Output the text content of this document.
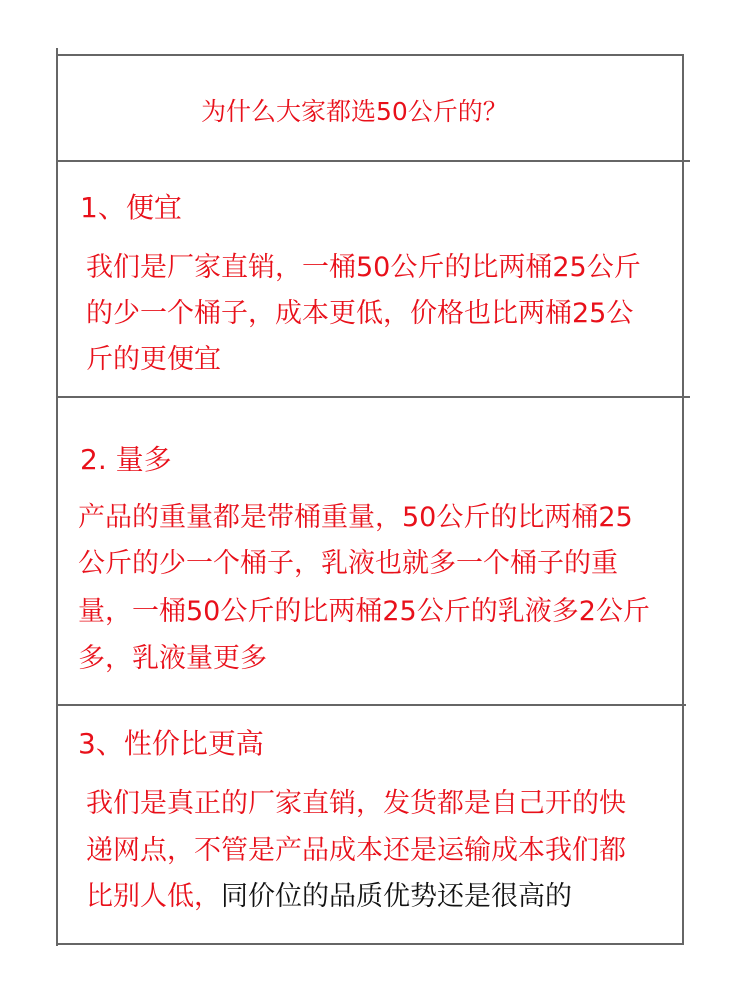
为什么大家都选50公斤的？
1、便宜
我们是厂家直销，一桶50公斤的比两桶25公斤
的少一个桶子，成本更低，价格也比两桶25公
斤的更便宜
2. 量多
产品的重量都是带桶重量，50公斤的比两桶25
公斤的少一个桶子，乳液也就多一个桶子的重
量，一桶50公斤的比两桶25公斤的乳液多2公斤
多，乳液量更多
3、性价比更高
我们是真正的厂家直销，发货都是自己开的快
递网点，不管是产品成本还是运输成本我们都
比别人低，同价位的品质优势还是很高的
